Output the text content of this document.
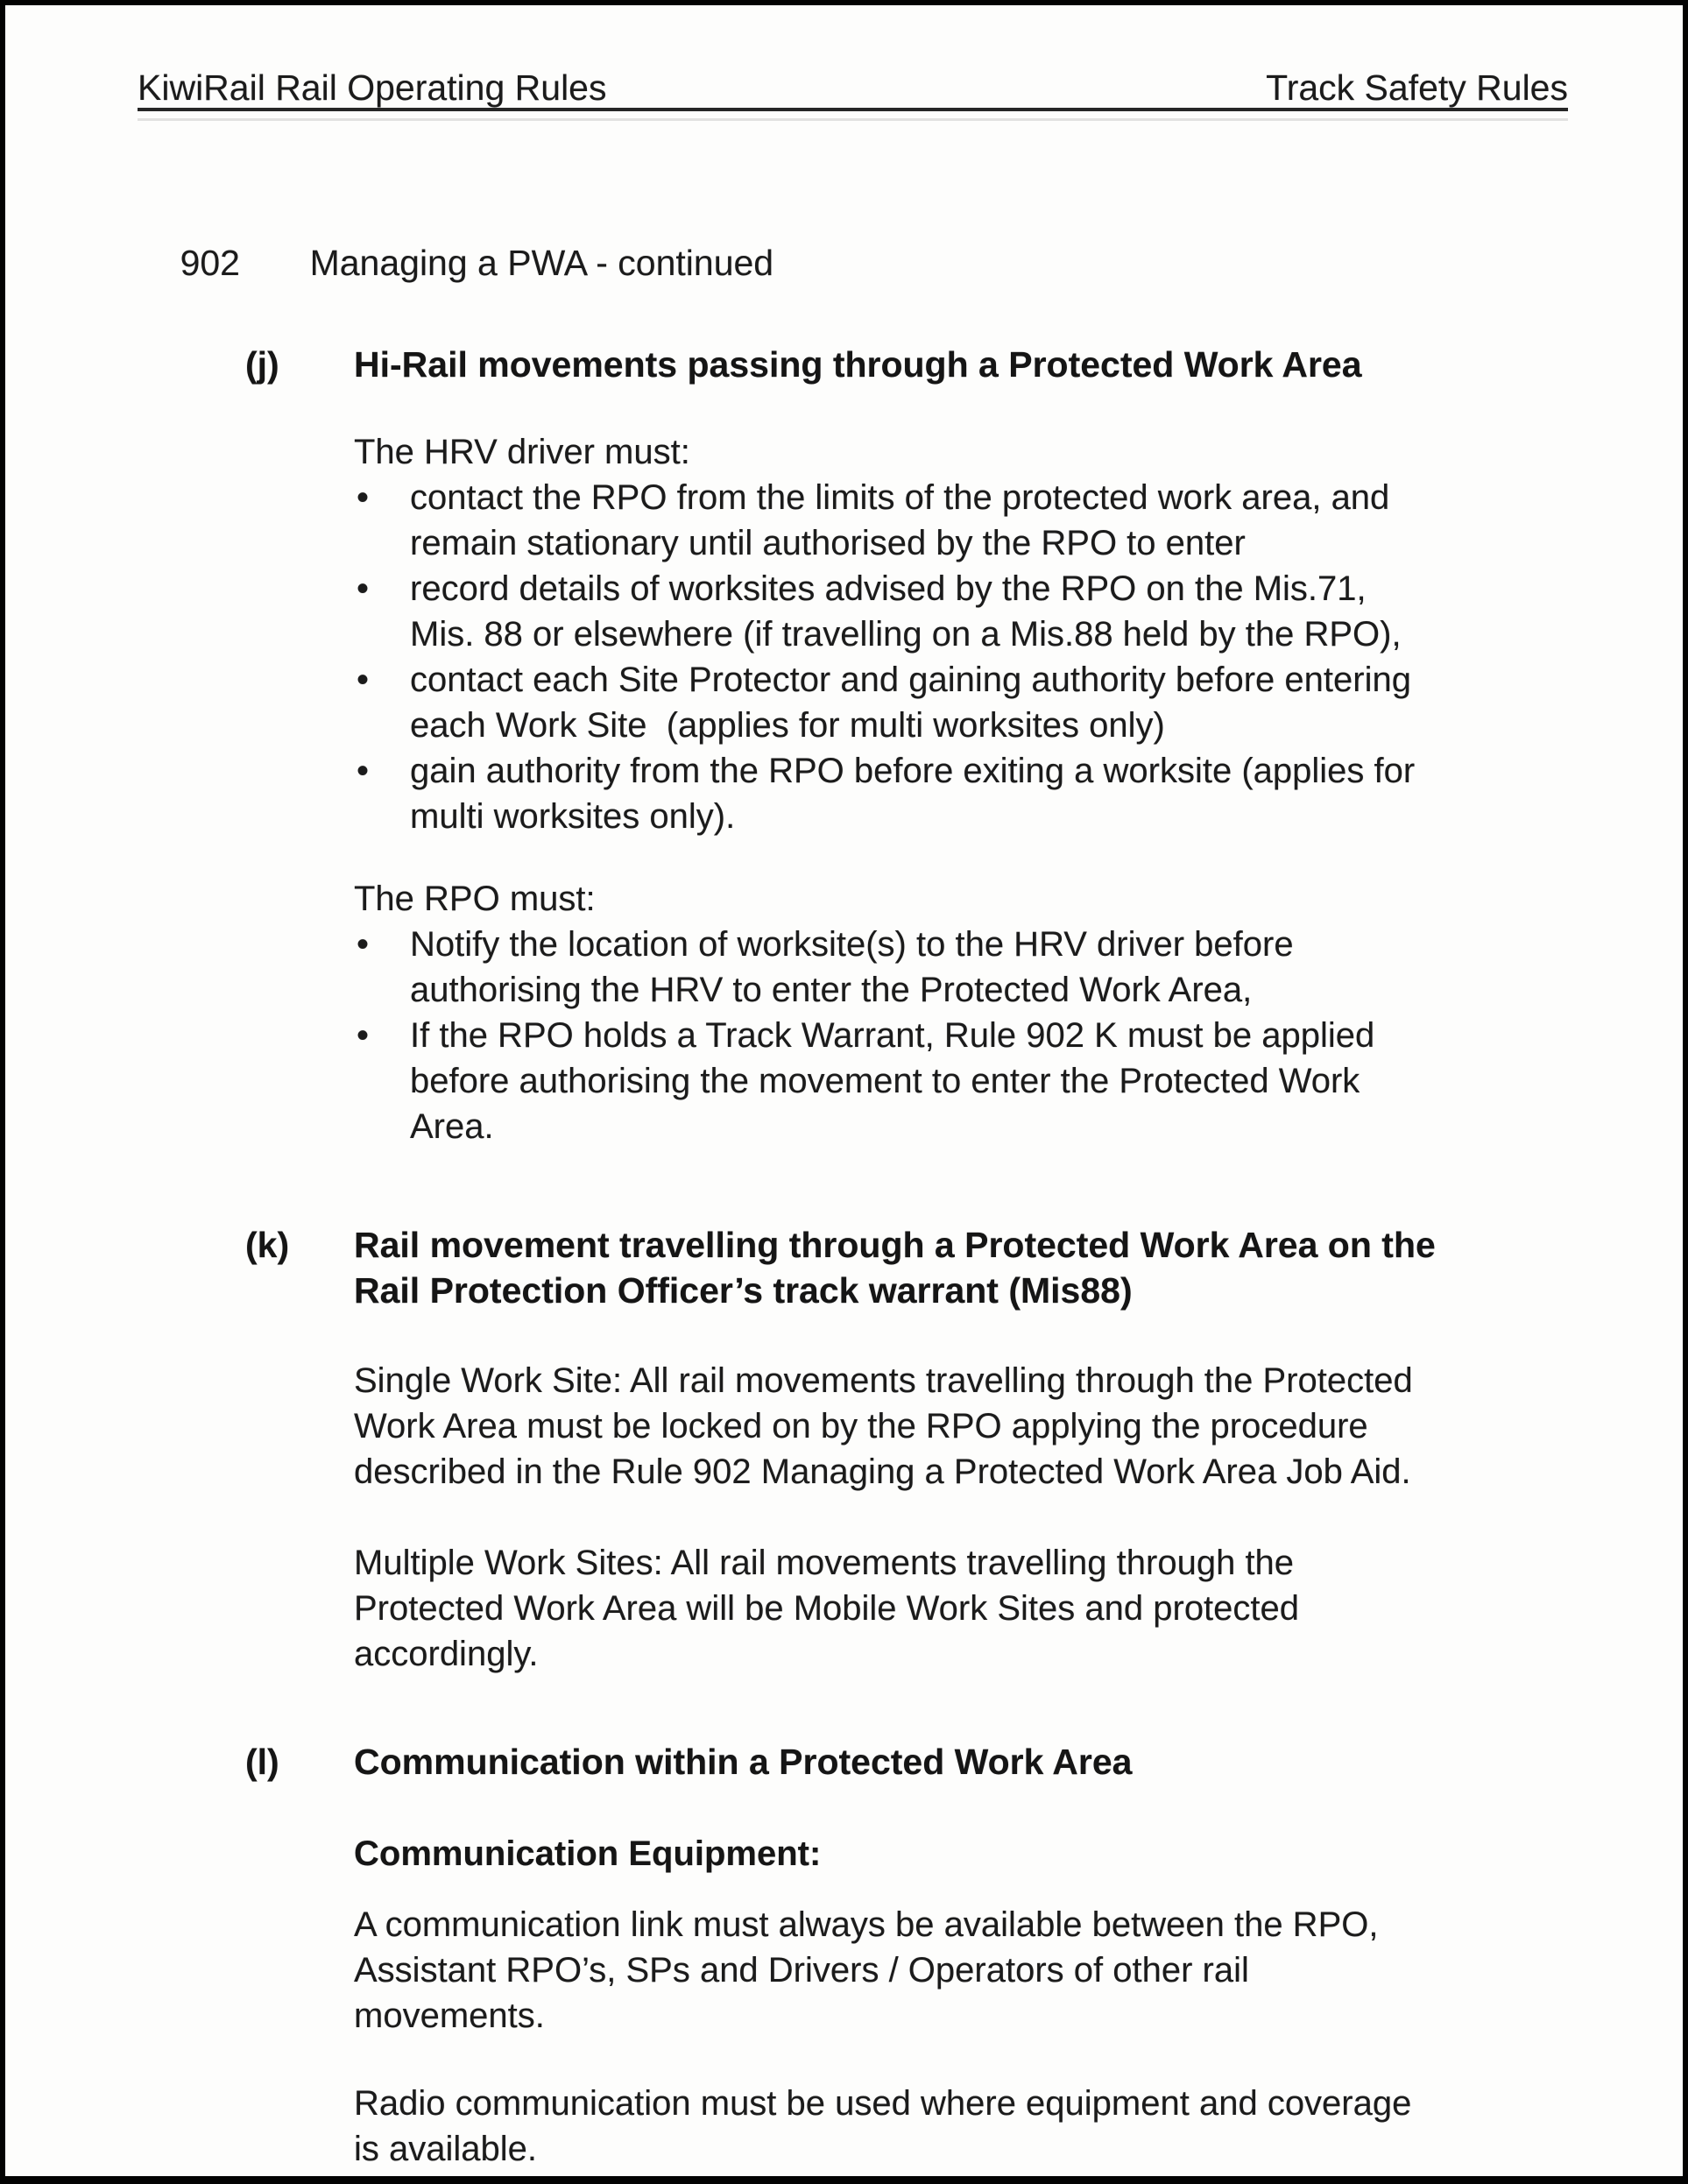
KiwiRail Rail Operating Rules	Track Safety Rules

902 Managing a PWA - continued

(j)	Hi-Rail movements passing through a Protected Work Area
The HRV driver must:
•	contact the RPO from the limits of the protected work area, and
remain stationary until authorised by the RPO to enter
•	record details of worksites advised by the RPO on the Mis.71,
Mis. 88 or elsewhere (if travelling on a Mis.88 held by the RPO),
•	contact each Site Protector and gaining authority before entering
each Work Site  (applies for multi worksites only)
•	gain authority from the RPO before exiting a worksite (applies for
multi worksites only).
The RPO must:
•	Notify the location of worksite(s) to the HRV driver before
authorising the HRV to enter the Protected Work Area,
•	If the RPO holds a Track Warrant, Rule 902 K must be applied
before authorising the movement to enter the Protected Work
Area.
(k)	Rail movement travelling through a Protected Work Area on the
Rail Protection Officer’s track warrant (Mis88)
Single Work Site: All rail movements travelling through the Protected
Work Area must be locked on by the RPO applying the procedure
described in the Rule 902 Managing a Protected Work Area Job Aid.
Multiple Work Sites: All rail movements travelling through the
Protected Work Area will be Mobile Work Sites and protected
accordingly.
(l)	Communication within a Protected Work Area
Communication Equipment:
A communication link must always be available between the RPO,
Assistant RPO’s, SPs and Drivers / Operators of other rail
movements.
Radio communication must be used where equipment and coverage
is available.
